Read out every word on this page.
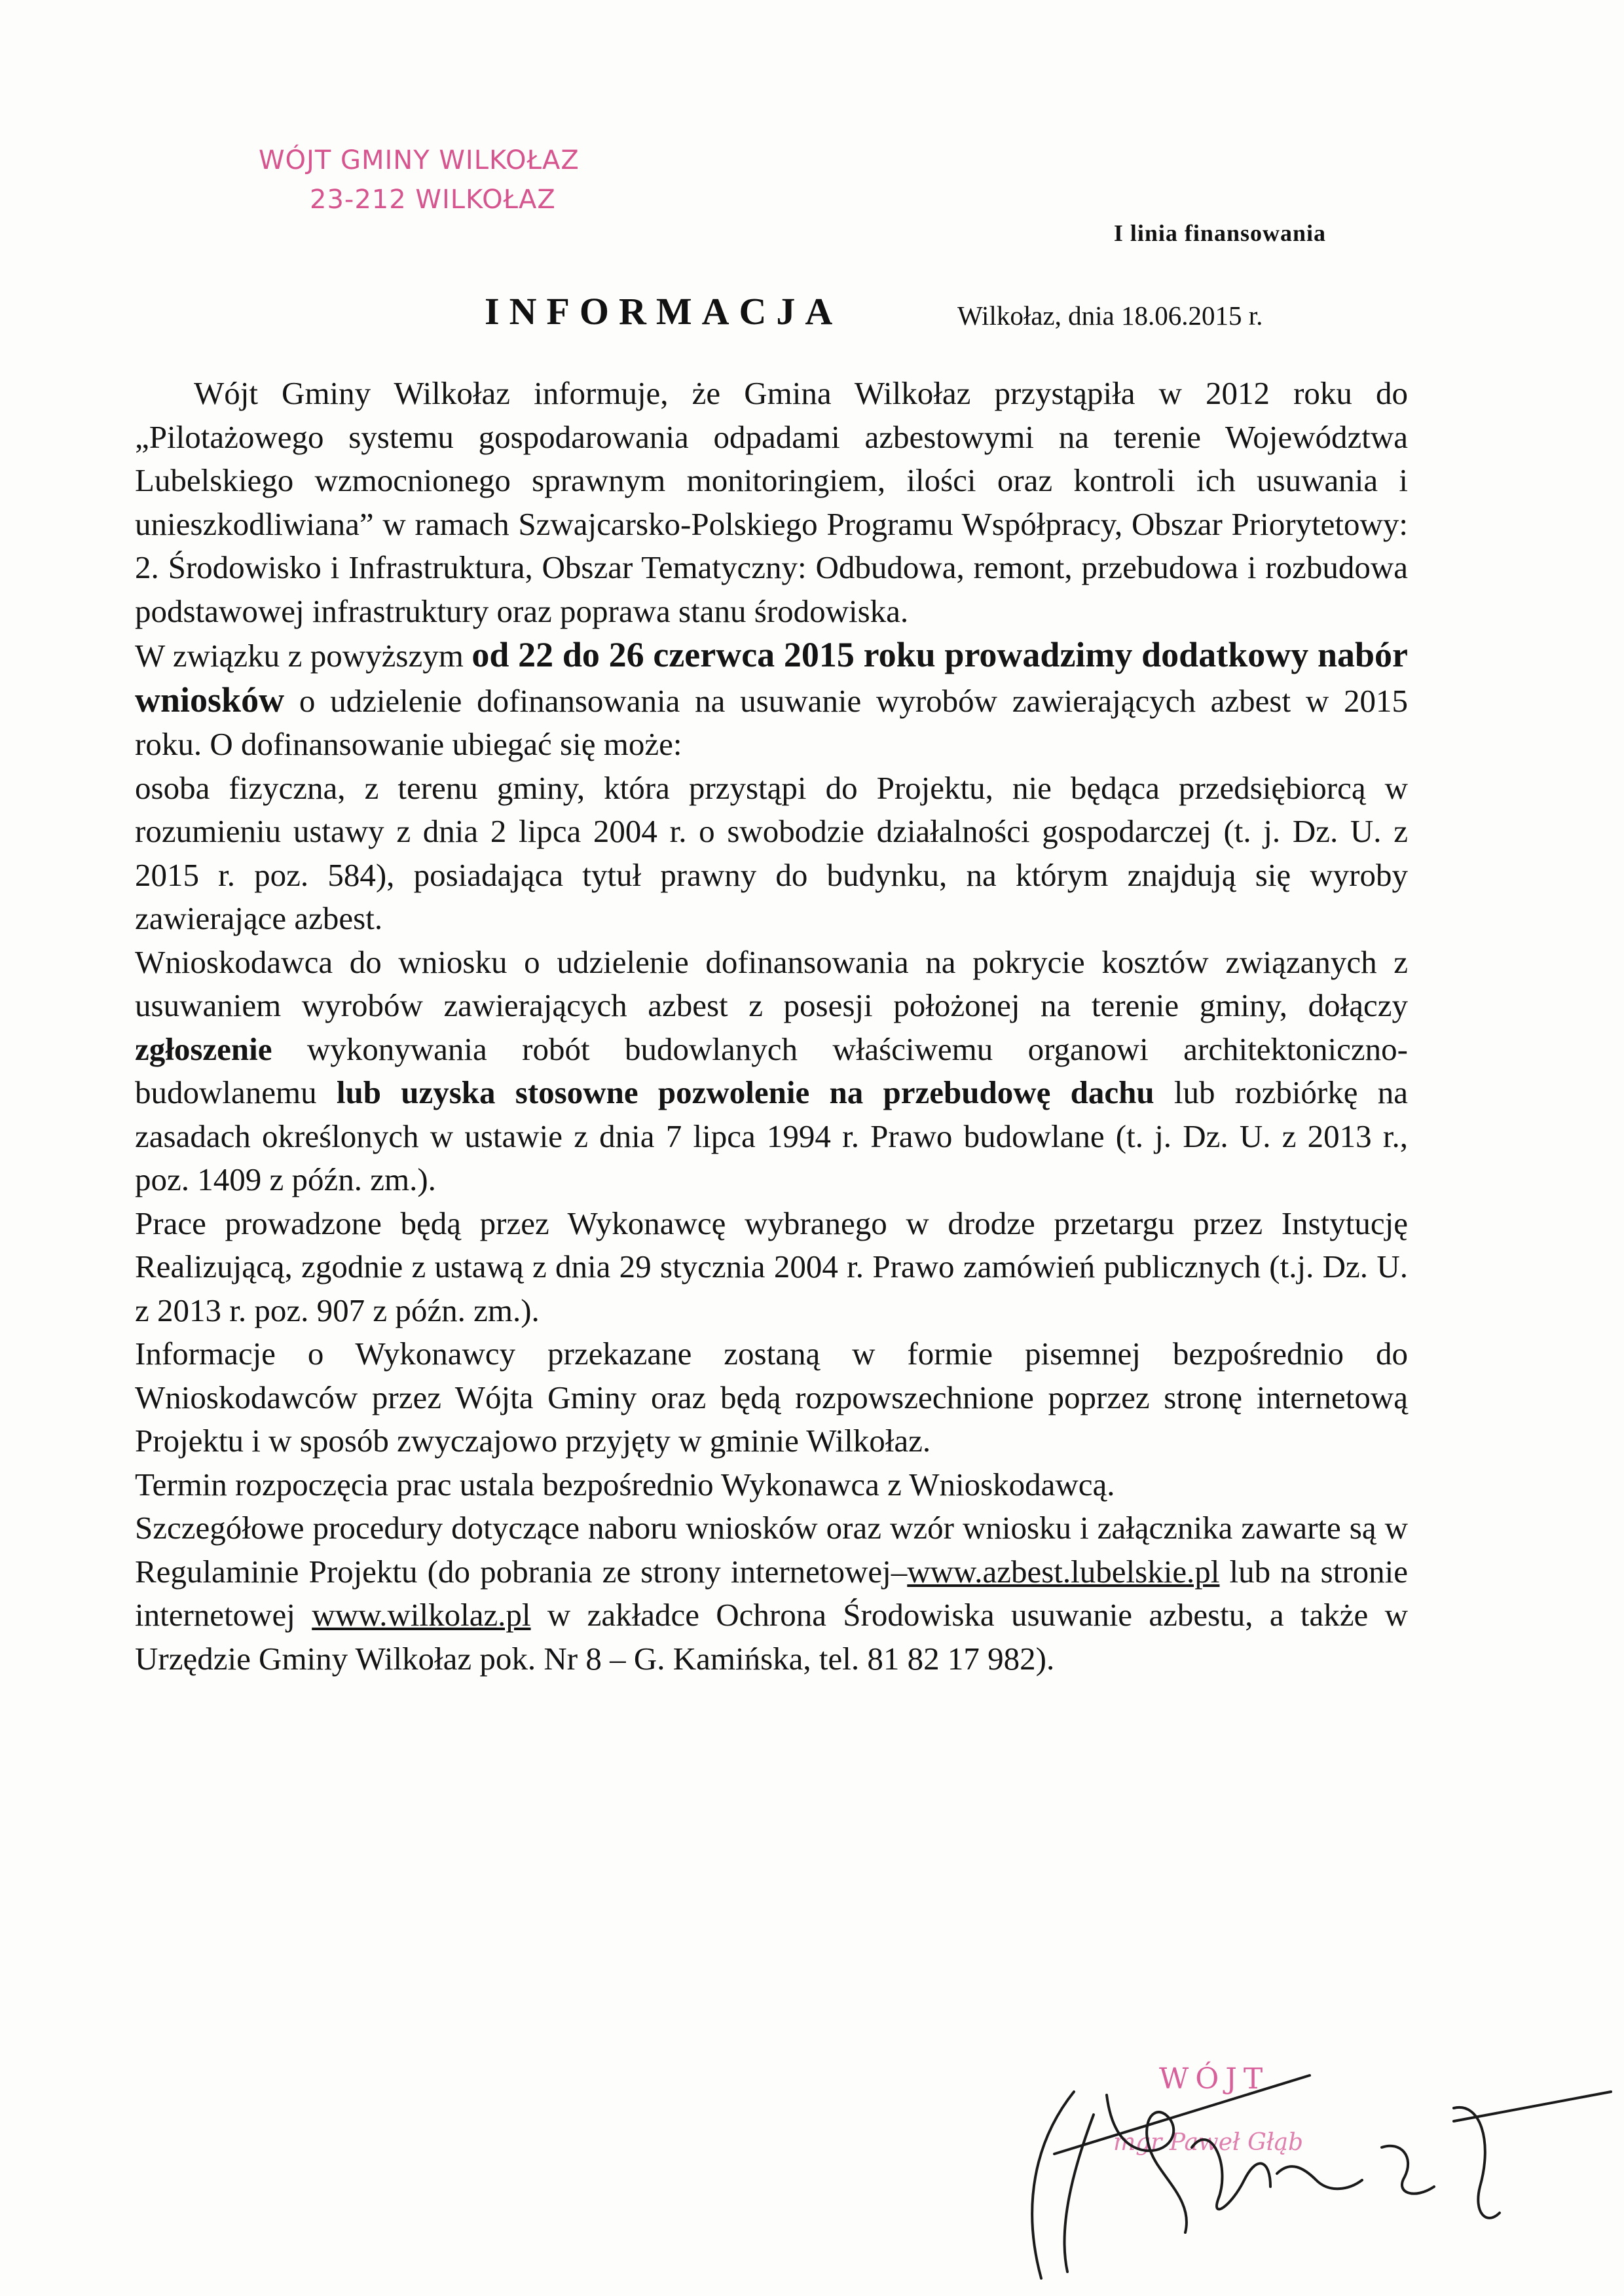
WÓJT GMINY WILKOŁAZ
23-212 WILKOŁAZ
I linia finansowania
INFORMACJA	Wilkołaz, dnia 18.06.2015 r.

Wójt Gminy Wilkołaz informuje, że Gmina Wilkołaz przystąpiła w 2012 roku do „Pilotażowego systemu gospodarowania odpadami azbestowymi na terenie Województwa Lubelskiego wzmocnionego sprawnym monitoringiem, ilości oraz kontroli ich usuwania i unieszkodliwiana” w ramach Szwajcarsko-Polskiego Programu Współpracy, Obszar Priorytetowy: 2. Środowisko i Infrastruktura, Obszar Tematyczny: Odbudowa, remont, przebudowa i rozbudowa podstawowej infrastruktury oraz poprawa stanu środowiska.

W związku z powyższym od 22 do 26 czerwca 2015 roku prowadzimy dodatkowy nabór wniosków o udzielenie dofinansowania na usuwanie wyrobów zawierających azbest w 2015 roku. O dofinansowanie ubiegać się może:

osoba fizyczna, z terenu gminy, która przystąpi do Projektu, nie będąca przedsiębiorcą w rozumieniu ustawy z dnia 2 lipca 2004 r. o swobodzie działalności gospodarczej (t. j. Dz. U. z 2015 r. poz. 584), posiadająca tytuł prawny do budynku, na którym znajdują się wyroby zawierające azbest.

Wnioskodawca do wniosku o udzielenie dofinansowania na pokrycie kosztów związanych z usuwaniem wyrobów zawierających azbest z posesji położonej na terenie gminy, dołączy zgłoszenie wykonywania robót budowlanych właściwemu organowi architektoniczno-budowlanemu lub uzyska stosowne pozwolenie na przebudowę dachu lub rozbiórkę na zasadach określonych w ustawie z dnia 7 lipca 1994 r. Prawo budowlane (t. j. Dz. U. z 2013 r., poz. 1409 z późn. zm.).

Prace prowadzone będą przez Wykonawcę wybranego w drodze przetargu przez Instytucję Realizującą, zgodnie z ustawą z dnia 29 stycznia 2004 r. Prawo zamówień publicznych (t.j. Dz. U. z 2013 r. poz. 907 z późn. zm.).

Informacje o Wykonawcy przekazane zostaną w formie pisemnej bezpośrednio do Wnioskodawców przez Wójta Gminy oraz będą rozpowszechnione poprzez stronę internetową Projektu i w sposób zwyczajowo przyjęty w gminie Wilkołaz.

Termin rozpoczęcia prac ustala bezpośrednio Wykonawca z Wnioskodawcą.

Szczegółowe procedury dotyczące naboru wniosków oraz wzór wniosku i załącznika zawarte są w Regulaminie Projektu (do pobrania ze strony internetowej–www.azbest.lubelskie.pl lub na stronie internetowej www.wilkolaz.pl w zakładce Ochrona Środowiska usuwanie azbestu, a także w Urzędzie Gminy Wilkołaz pok. Nr 8 – G. Kamińska, tel. 81 82 17 982).

WÓJT
mgr Paweł Głąb
